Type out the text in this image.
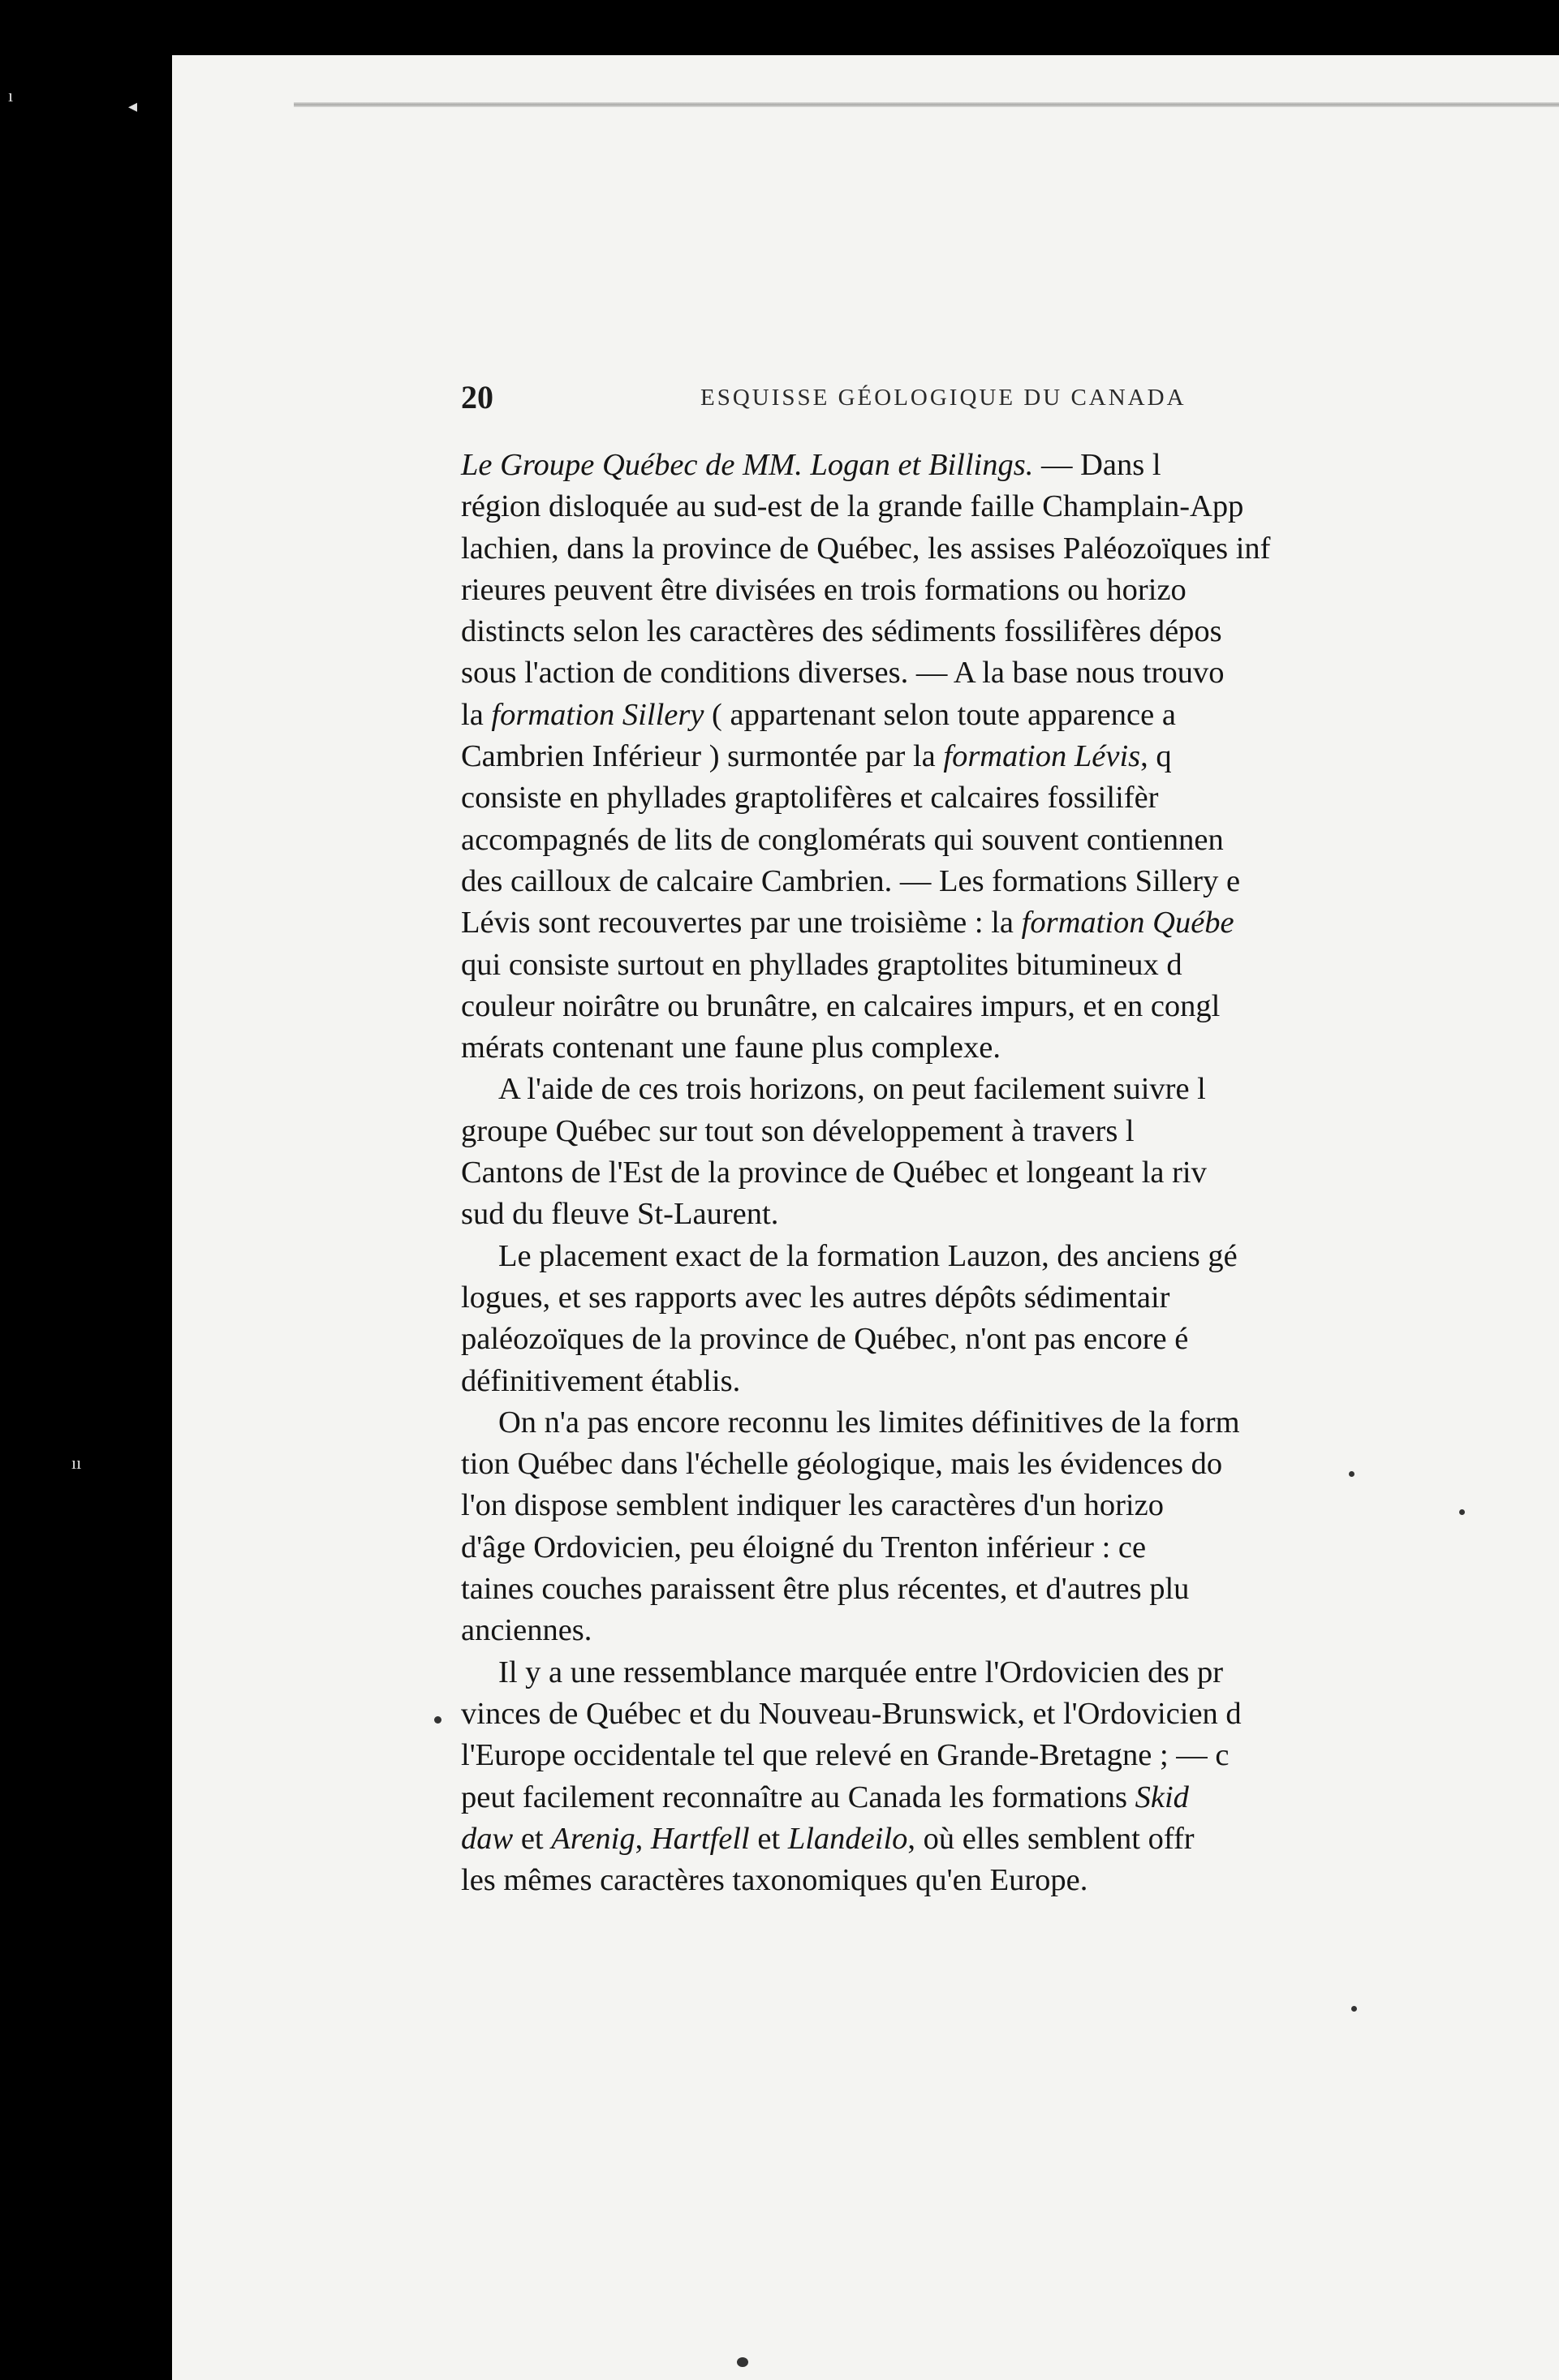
ı
◂
ıı
20	ESQUISSE GÉOLOGIQUE DU CANADA
Le Groupe Québec de MM. Logan et Billings. — Dans l
région disloquée au sud-est de la grande faille Champlain-App
lachien, dans la province de Québec, les assises Paléozoïques inf
rieures peuvent être divisées en trois formations ou horizo
distincts selon les caractères des sédiments fossilifères dépos
sous l'action de conditions diverses. — A la base nous trouvo
la formation Sillery ( appartenant selon toute apparence a
Cambrien Inférieur ) surmontée par la formation Lévis, q
consiste en phyllades graptolifères et calcaires fossilifèr
accompagnés de lits de conglomérats qui souvent contiennen
des cailloux de calcaire Cambrien. — Les formations Sillery e
Lévis sont recouvertes par une troisième : la formation Québe
qui consiste surtout en phyllades graptolites bitumineux d
couleur noirâtre ou brunâtre, en calcaires impurs, et en congl
mérats contenant une faune plus complexe.
A l'aide de ces trois horizons, on peut facilement suivre l
groupe Québec sur tout son développement à travers l
Cantons de l'Est de la province de Québec et longeant la riv
sud du fleuve St-Laurent.
Le placement exact de la formation Lauzon, des anciens gé
logues, et ses rapports avec les autres dépôts sédimentair
paléozoïques de la province de Québec, n'ont pas encore é
définitivement établis.
On n'a pas encore reconnu les limites définitives de la form
tion Québec dans l'échelle géologique, mais les évidences do
l'on dispose semblent indiquer les caractères d'un horizo
d'âge Ordovicien, peu éloigné du Trenton inférieur : ce
taines couches paraissent être plus récentes, et d'autres plu
anciennes.
Il y a une ressemblance marquée entre l'Ordovicien des pr
vinces de Québec et du Nouveau-Brunswick, et l'Ordovicien d
l'Europe occidentale tel que relevé en Grande-Bretagne ; — c
peut facilement reconnaître au Canada les formations Skid
daw et Arenig, Hartfell et Llandeilo, où elles semblent offr
les mêmes caractères taxonomiques qu'en Europe.
